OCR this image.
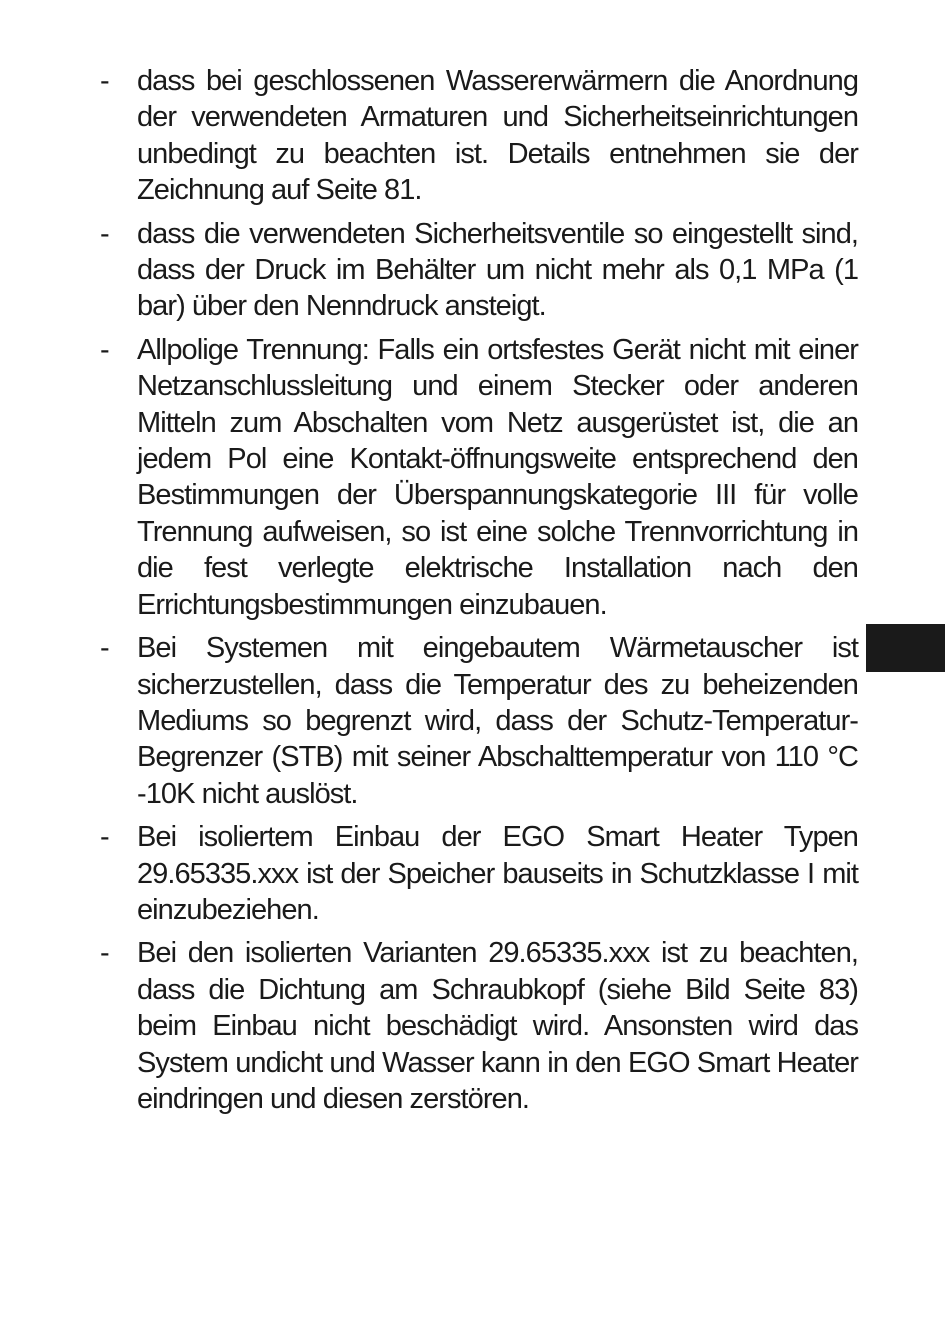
- dass bei geschlossenen Wassererwärmern die Anordnung der verwendeten Armaturen und Sicherheitseinrichtungen unbedingt zu beachten ist. Details entnehmen sie der Zeichnung auf Seite 81.
- dass die verwendeten Sicherheitsventile so eingestellt sind, dass der Druck im Behälter um nicht mehr als 0,1 MPa (1 bar) über den Nenndruck ansteigt.
- Allpolige Trennung: Falls ein ortsfestes Gerät nicht mit einer Netzanschlussleitung und einem Stecker oder anderen Mitteln zum Abschalten vom Netz ausgerüstet ist, die an jedem Pol eine Kontakt-öffnungsweite entsprechend den Bestimmungen der Überspannungskategorie III für volle Trennung aufweisen, so ist eine solche Trennvorrichtung in die fest verlegte elektrische Installation nach den Errichtungsbestimmungen einzubauen.
- Bei Systemen mit eingebautem Wärmetauscher ist sicherzustellen, dass die Temperatur des zu beheizenden Mediums so begrenzt wird, dass der Schutz-Temperatur-Begrenzer (STB) mit seiner Abschalttemperatur von 110 °C -10K nicht auslöst.
- Bei isoliertem Einbau der EGO Smart Heater Typen 29.65335.xxx ist der Speicher bauseits in Schutzklasse I mit einzubeziehen.
- Bei den isolierten Varianten 29.65335.xxx ist zu beachten, dass die Dichtung am Schraubkopf (siehe Bild Seite 83) beim Einbau nicht beschädigt wird. Ansonsten wird das System undicht und Wasser kann in den EGO Smart Heater eindringen und diesen zerstören.
